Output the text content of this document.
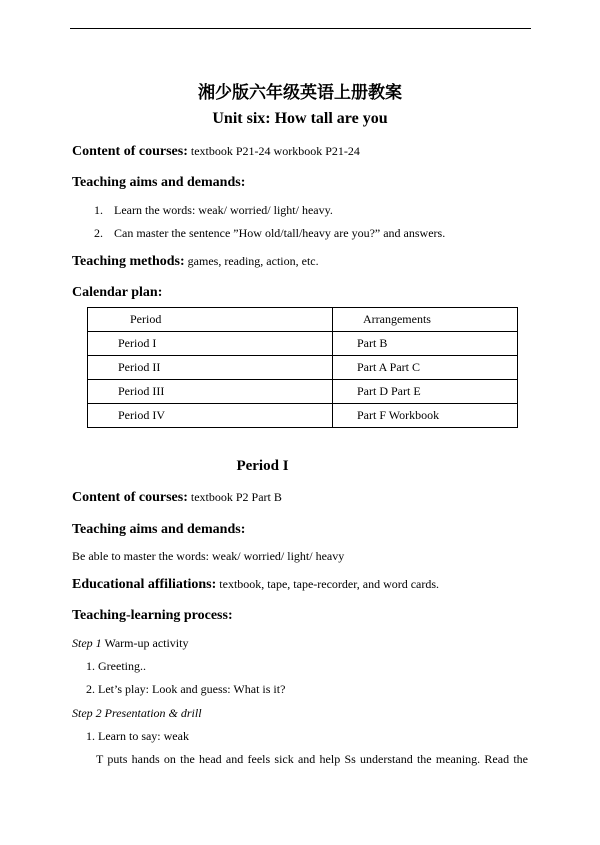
湘少版六年级英语上册教案
Unit six: How tall are you
Content of courses: textbook P21-24 workbook P21-24
Teaching aims and demands:
1. Learn the words: weak/ worried/ light/ heavy.
2. Can master the sentence ”How old/tall/heavy are you?” and answers.
Teaching methods: games, reading, action, etc.
Calendar plan:
Period	Arrangements
Period I	Part B
Period II	Part A Part C
Period III	Part D Part E
Period IV	Part F Workbook
Period I
Content of courses: textbook P2 Part B
Teaching aims and demands:
Be able to master the words: weak/ worried/ light/ heavy
Educational affiliations: textbook, tape, tape-recorder, and word cards.
Teaching-learning process:
Step 1 Warm-up activity
1. Greeting..
2. Let’s play: Look and guess: What is it?
Step 2 Presentation & drill
1. Learn to say: weak
T puts hands on the head and feels sick and help Ss understand the meaning. Read the
